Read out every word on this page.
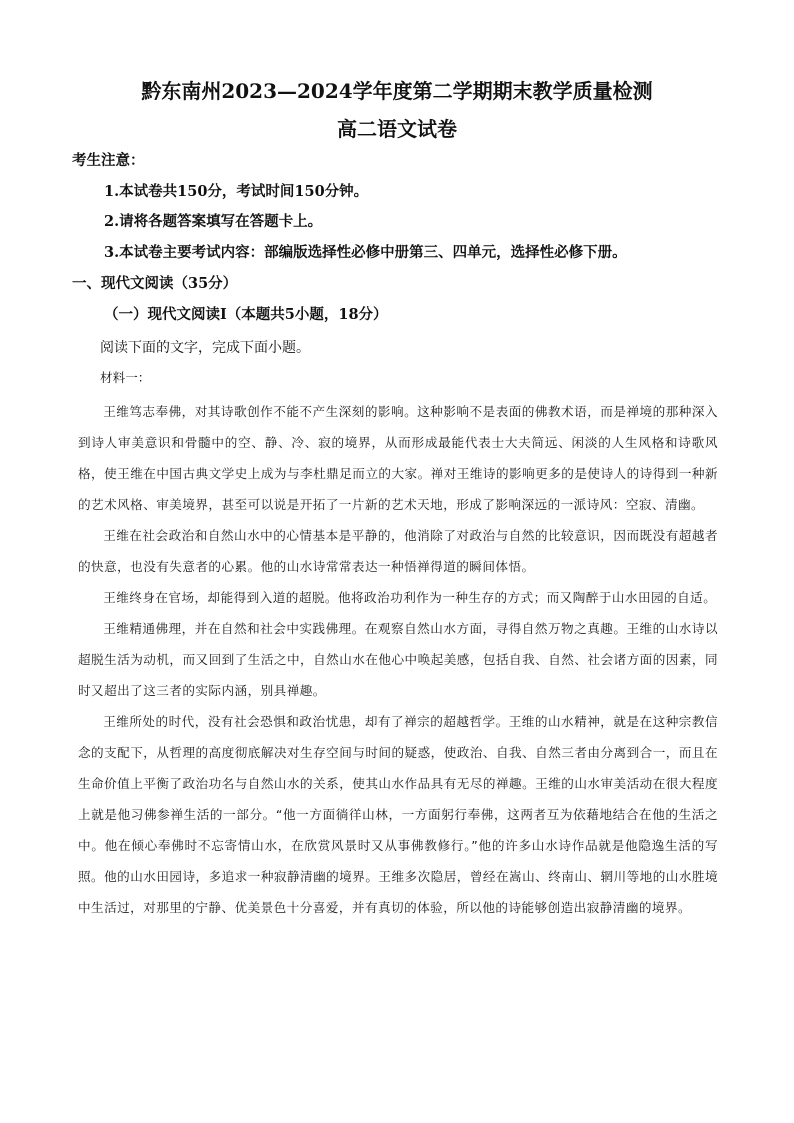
黔东南州2023—2024学年度第二学期期末教学质量检测
高二语文试卷
考生注意：
1.本试卷共150分，考试时间150分钟。
2.请将各题答案填写在答题卡上。
3.本试卷主要考试内容：部编版选择性必修中册第三、四单元，选择性必修下册。
一、现代文阅读（35分）
（一）现代文阅读Ⅰ（本题共5小题，18分）
阅读下面的文字，完成下面小题。
材料一：

王维笃志奉佛，对其诗歌创作不能不产生深刻的影响。这种影响不是表面的佛教术语，而是禅境的那种深入到诗人审美意识和骨髓中的空、静、冷、寂的境界，从而形成最能代表士大夫简远、闲淡的人生风格和诗歌风格，使王维在中国古典文学史上成为与李杜鼎足而立的大家。禅对王维诗的影响更多的是使诗人的诗得到一种新的艺术风格、审美境界，甚至可以说是开拓了一片新的艺术天地，形成了影响深远的一派诗风：空寂、清幽。

王维在社会政治和自然山水中的心情基本是平静的，他消除了对政治与自然的比较意识，因而既没有超越者的快意，也没有失意者的心累。他的山水诗常常表达一种悟禅得道的瞬间体悟。

王维终身在官场，却能得到入道的超脱。他将政治功利作为一种生存的方式；而又陶醉于山水田园的自适。

王维精通佛理，并在自然和社会中实践佛理。在观察自然山水方面，寻得自然万物之真趣。王维的山水诗以超脱生活为动机，而又回到了生活之中，自然山水在他心中唤起美感，包括自我、自然、社会诸方面的因素，同时又超出了这三者的实际内涵，别具禅趣。

王维所处的时代，没有社会恐惧和政治忧患，却有了禅宗的超越哲学。王维的山水精神，就是在这种宗教信念的支配下，从哲理的高度彻底解决对生存空间与时间的疑惑，使政治、自我、自然三者由分离到合一，而且在生命价值上平衡了政治功名与自然山水的关系，使其山水作品具有无尽的禅趣。王维的山水审美活动在很大程度上就是他习佛参禅生活的一部分。“他一方面徜徉山林，一方面躬行奉佛，这两者互为依藉地结合在他的生活之中。他在倾心奉佛时不忘寄情山水，在欣赏风景时又从事佛教修行。”他的许多山水诗作品就是他隐逸生活的写照。他的山水田园诗，多追求一种寂静清幽的境界。王维多次隐居，曾经在嵩山、终南山、辋川等地的山水胜境中生活过，对那里的宁静、优美景色十分喜爱，并有真切的体验，所以他的诗能够创造出寂静清幽的境界。
